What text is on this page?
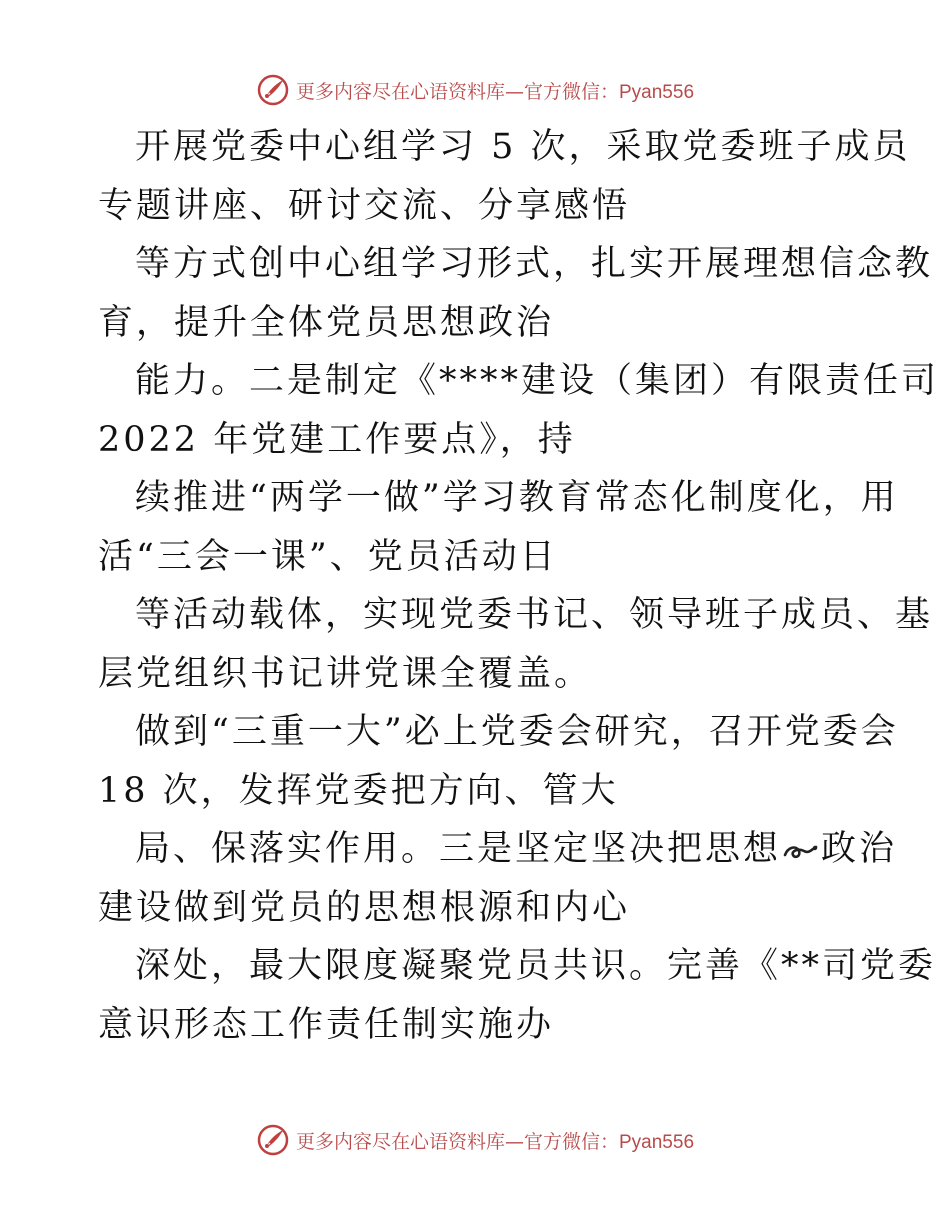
更多内容尽在心语资料库—官方微信：Pyan556
开展党委中心组学习 5 次，采取党委班子成员
专题讲座、研讨交流、分享感悟
等方式创中心组学习形式，扎实开展理想信念教
育，提升全体党员思想政治
能力。二是制定《****建设（集团）有限责任司
2022 年党建工作要点》，持
续推进“两学一做”学习教育常态化制度化，用
活“三会一课”、党员活动日
等活动载体，实现党委书记、领导班子成员、基
层党组织书记讲党课全覆盖。
做到“三重一大”必上党委会研究，召开党委会
18 次，发挥党委把方向、管大
局、保落实作用。三是坚定坚决把思想 政治
建设做到党员的思想根源和内心
深处，最大限度凝聚党员共识。完善《**司党委
意识形态工作责任制实施办
更多内容尽在心语资料库—官方微信：Pyan556
